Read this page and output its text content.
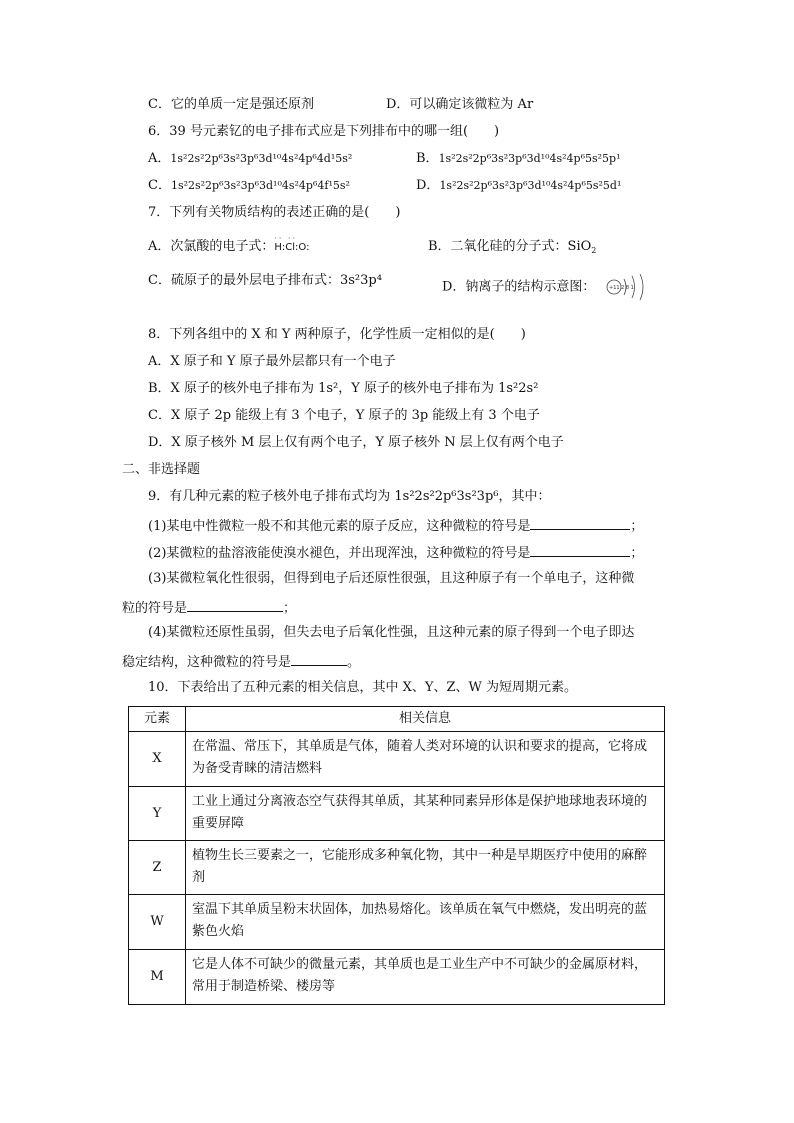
C．它的单质一定是强还原剂	D．可以确定该微粒为 Ar
6．39 号元素钇的电子排布式应是下列排布中的哪一组(　　)
A．1s²2s²2p⁶3s²3p⁶3d¹⁰4s²4p⁶4d¹5s²	B．1s²2s²2p⁶3s²3p⁶3d¹⁰4s²4p⁶5s²5p¹
C．1s²2s²2p⁶3s²3p⁶3d¹⁰4s²4p⁶4f¹5s²	D．1s²2s²2p⁶3s²3p⁶3d¹⁰4s²4p⁶5s²5d¹
7．下列有关物质结构的表述正确的是(　　)
A．次氯酸的电子式：
·· ··
H:Cl:O:	B．二氧化硅的分子式：SiO$_2$
C．硫原子的最外层电子排布式：3s²3p⁴	D．钠离子的结构示意图：	+11 2 8 1
8．下列各组中的 X 和 Y 两种原子，化学性质一定相似的是(　　)
A．X 原子和 Y 原子最外层都只有一个电子
B．X 原子的核外电子排布为 1s²，Y 原子的核外电子排布为 1s²2s²
C．X 原子 2p 能级上有 3 个电子，Y 原子的 3p 能级上有 3 个电子
D．X 原子核外 M 层上仅有两个电子，Y 原子核外 N 层上仅有两个电子
二、非选择题
9．有几种元素的粒子核外电子排布式均为 1s²2s²2p⁶3s²3p⁶，其中：
(1)某电中性微粒一般不和其他元素的原子反应，这种微粒的符号是	；
(2)某微粒的盐溶液能使溴水褪色，并出现浑浊，这种微粒的符号是	；
(3)某微粒氧化性很弱，但得到电子后还原性很强，且这种原子有一个单电子，这种微
粒的符号是	；
(4)某微粒还原性虽弱，但失去电子后氧化性强，且这种元素的原子得到一个电子即达
稳定结构，这种微粒的符号是	。
10．下表给出了五种元素的相关信息，其中 X、Y、Z、W 为短周期元素。
元素	相关信息
X	在常温、常压下，其单质是气体，随着人类对环境的认识和要求的提高，它将成为备受青睐的清洁燃料
Y	工业上通过分离液态空气获得其单质，其某种同素异形体是保护地球地表环境的重要屏障
Z	植物生长三要素之一，它能形成多种氧化物，其中一种是早期医疗中使用的麻醉剂
W	室温下其单质呈粉末状固体，加热易熔化。该单质在氧气中燃烧，发出明亮的蓝紫色火焰
M	它是人体不可缺少的微量元素，其单质也是工业生产中不可缺少的金属原材料，常用于制造桥梁、楼房等
